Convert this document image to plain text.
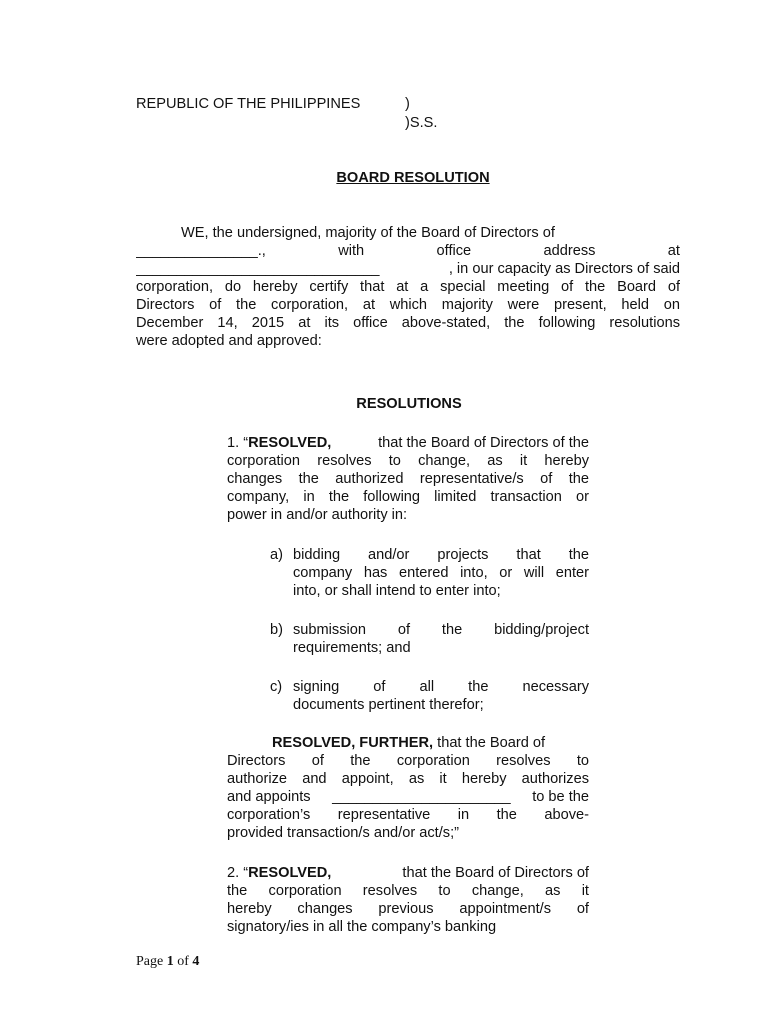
REPUBLIC OF THE PHILIPPINES	)
)S.S.
BOARD RESOLUTION
WE, the undersigned, majority of the Board of Directors of
_______________.,	with	office	address	at
______________________________	, in our capacity as Directors of said
corporation, do hereby certify that at a special meeting of the Board of
Directors of the corporation, at which majority were present, held on
December 14, 2015 at its office above-stated, the following resolutions
were adopted and approved:
RESOLUTIONS
1. “RESOLVED,	that the Board of Directors of the
corporation resolves to change, as it hereby
changes the authorized representative/s of the
company, in the following limited transaction or
power in and/or authority in:
a) bidding and/or projects that the
company has entered into, or will enter
into, or shall intend to enter into;
b) submission of the bidding/project
requirements; and
c) signing of all the necessary
documents pertinent therefor;
RESOLVED, FURTHER, that the Board of
Directors of the corporation resolves to
authorize and appoint, as it hereby authorizes
and appoints ______________________ to be the
corporation’s representative in the above-
provided transaction/s and/or act/s;”
2. “RESOLVED,	that the Board of Directors of
the corporation resolves to change, as it
hereby changes previous appointment/s of
signatory/ies in all the company’s banking
Page 1 of 4
